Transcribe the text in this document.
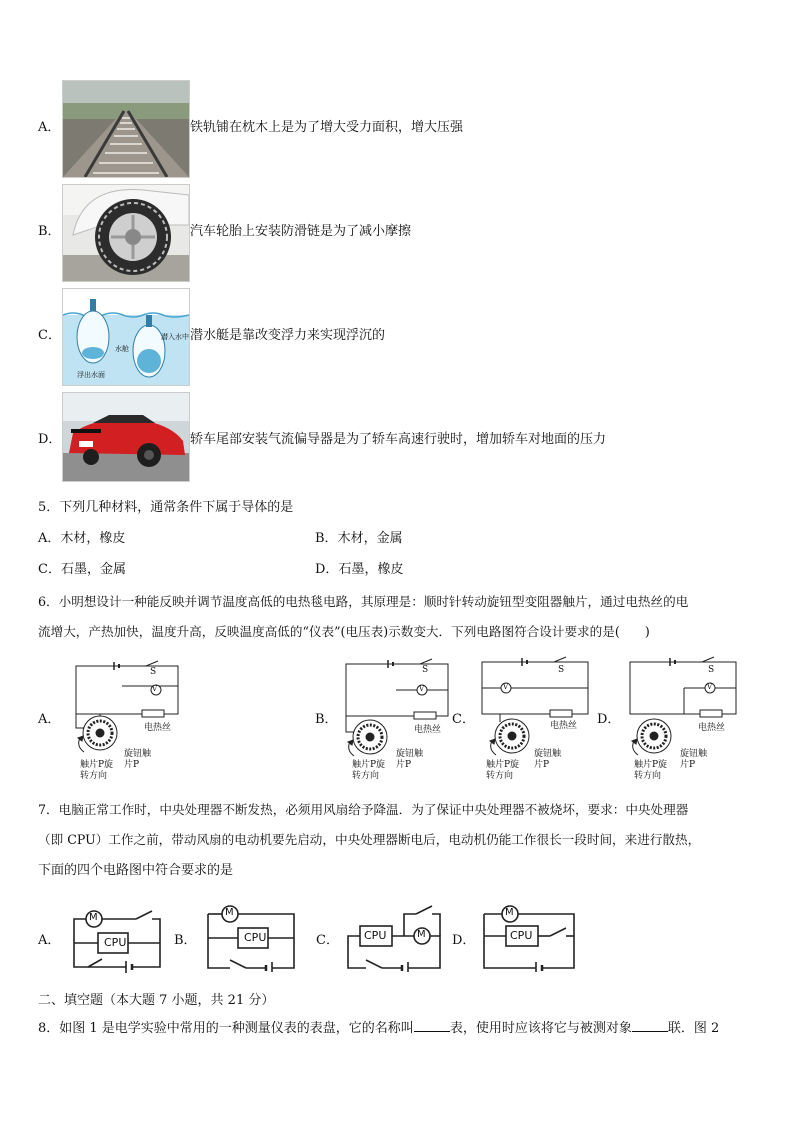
A．	铁轨铺在枕木上是为了增大受力面积，增大压强
B．	汽车轮胎上安装防滑链是为了减小摩擦
C．
水舱
潜入水中
浮出水面
潜水艇是靠改变浮力来实现浮沉的
D．	轿车尾部安装气流偏导器是为了轿车高速行驶时，增加轿车对地面的压力
5．下列几种材料，通常条件下属于导体的是
A．木材，橡皮	B．木材，金属
C．石墨，金属	D．石墨，橡皮
6．小明想设计一种能反映并调节温度高低的电热毯电路，其原理是：顺时针转动旋钮型变阻器触片，通过电热丝的电
流增大，产热加快，温度升高，反映温度高低的“仪表”(电压表)示数变大．下列电路图符合设计要求的是(　　)
A．
S
V
电热丝
旋钮触
片P
触片P旋
转方向
B．
S
V
电热丝
旋钮触
片P
触片P旋
转方向
C．
S
V
电热丝
旋钮触
片P
触片P旋
转方向
D．
S
V
电热丝
旋钮触
片P
触片P旋
转方向
7．电脑正常工作时，中央处理器不断发热，必须用风扇给予降温．为了保证中央处理器不被烧坏，要求：中央处理器
（即 CPU）工作之前，带动风扇的电动机要先启动，中央处理器断电后，电动机仍能工作很长一段时间，来进行散热，
下面的四个电路图中符合要求的是
A．	CPU
M
B．	CPU
M
C． CPU	M D．	CPU
M
二、填空题（本大题 7 小题，共 21 分）
8．如图 1 是电学实验中常用的一种测量仪表的表盘，它的名称叫	表，使用时应该将它与被测对象	联．图 2
